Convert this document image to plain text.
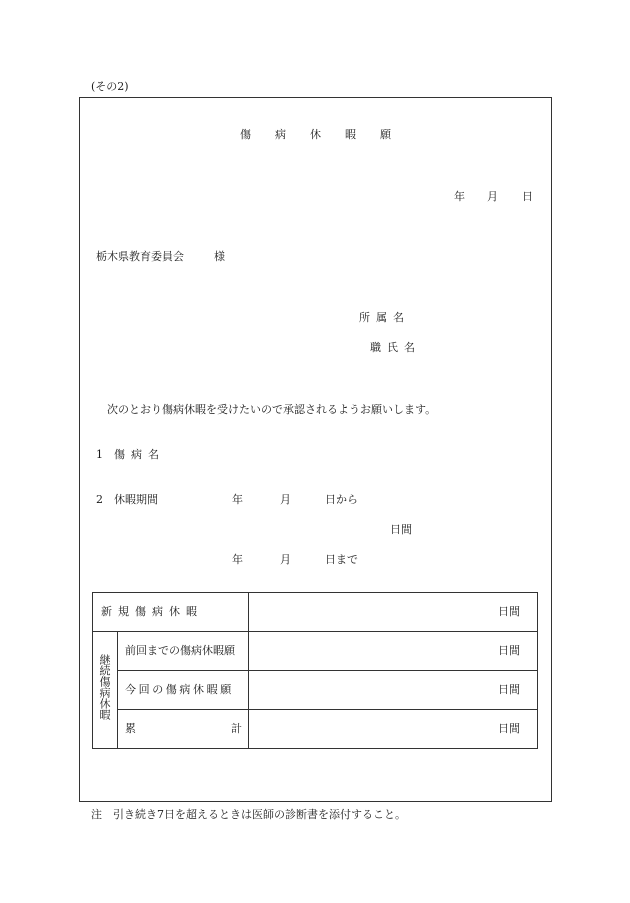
(その2)
傷 病 休 暇 願
年 月 日
栃木県教育委員会	様
所 属 名
職 氏 名
次のとおり傷病休暇を受けたいので承認されるようお願いします。
1 傷 病 名
2 休暇期間	年	月	日から
日間
年	月	日まで
新 規 傷 病 休 暇	日間
継続傷病休暇
前回までの傷病休暇願	日間
今回の傷病休暇願	日間
累	計	日間
注　引き続き7日を超えるときは医師の診断書を添付すること。
